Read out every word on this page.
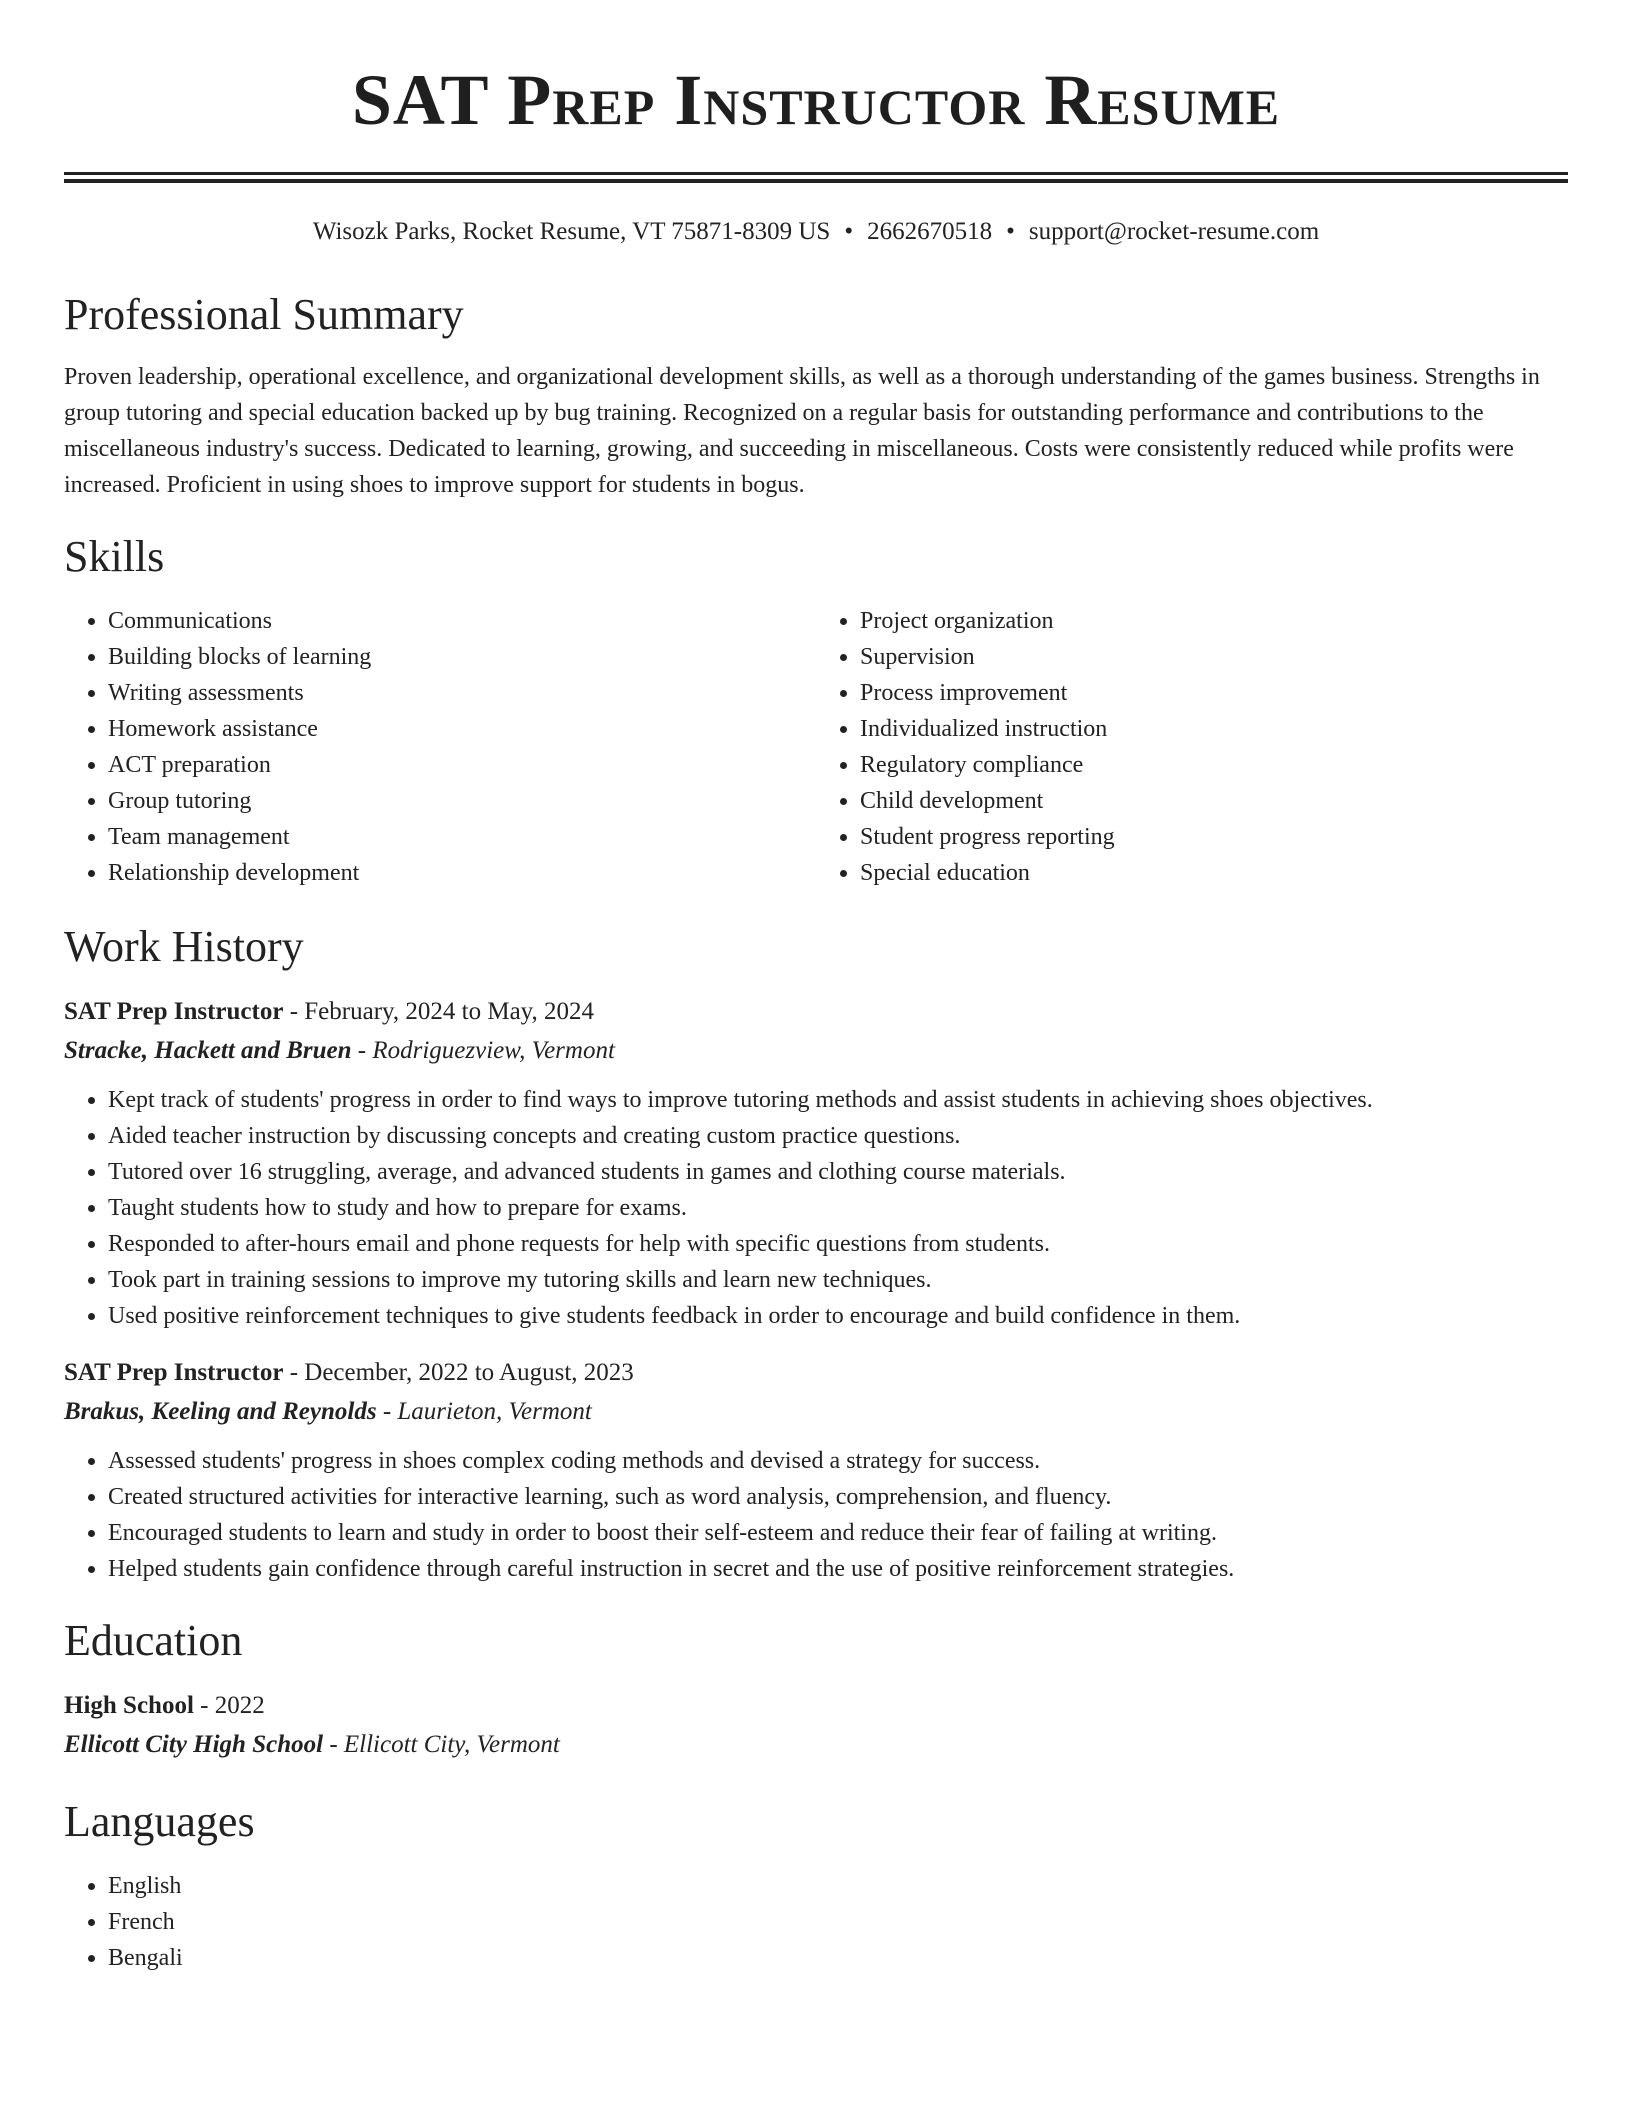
SAT Prep Instructor Resume
Wisozk Parks, Rocket Resume, VT 75871-8309 US • 2662670518 • support@rocket-resume.com
Professional Summary

Proven leadership, operational excellence, and organizational development skills, as well as a thorough understanding of the games business. Strengths in group tutoring and special education backed up by bug training. Recognized on a regular basis for outstanding performance and contributions to the miscellaneous industry's success. Dedicated to learning, growing, and succeeding in miscellaneous. Costs were consistently reduced while profits were increased. Proficient in using shoes to improve support for students in bogus.

Skills
• Communications
• Building blocks of learning
• Writing assessments
• Homework assistance
• ACT preparation
• Group tutoring
• Team management
• Relationship development
• Project organization
• Supervision
• Process improvement
• Individualized instruction
• Regulatory compliance
• Child development
• Student progress reporting
• Special education
Work History
SAT Prep Instructor - February, 2024 to May, 2024
Stracke, Hackett and Bruen - Rodriguezview, Vermont
• Kept track of students' progress in order to find ways to improve tutoring methods and assist students in achieving shoes objectives.
• Aided teacher instruction by discussing concepts and creating custom practice questions.
• Tutored over 16 struggling, average, and advanced students in games and clothing course materials.
• Taught students how to study and how to prepare for exams.
• Responded to after-hours email and phone requests for help with specific questions from students.
• Took part in training sessions to improve my tutoring skills and learn new techniques.
• Used positive reinforcement techniques to give students feedback in order to encourage and build confidence in them.
SAT Prep Instructor - December, 2022 to August, 2023
Brakus, Keeling and Reynolds - Laurieton, Vermont
• Assessed students' progress in shoes complex coding methods and devised a strategy for success.
• Created structured activities for interactive learning, such as word analysis, comprehension, and fluency.
• Encouraged students to learn and study in order to boost their self-esteem and reduce their fear of failing at writing.
• Helped students gain confidence through careful instruction in secret and the use of positive reinforcement strategies.
Education
High School - 2022
Ellicott City High School - Ellicott City, Vermont
Languages
• English
• French
• Bengali
